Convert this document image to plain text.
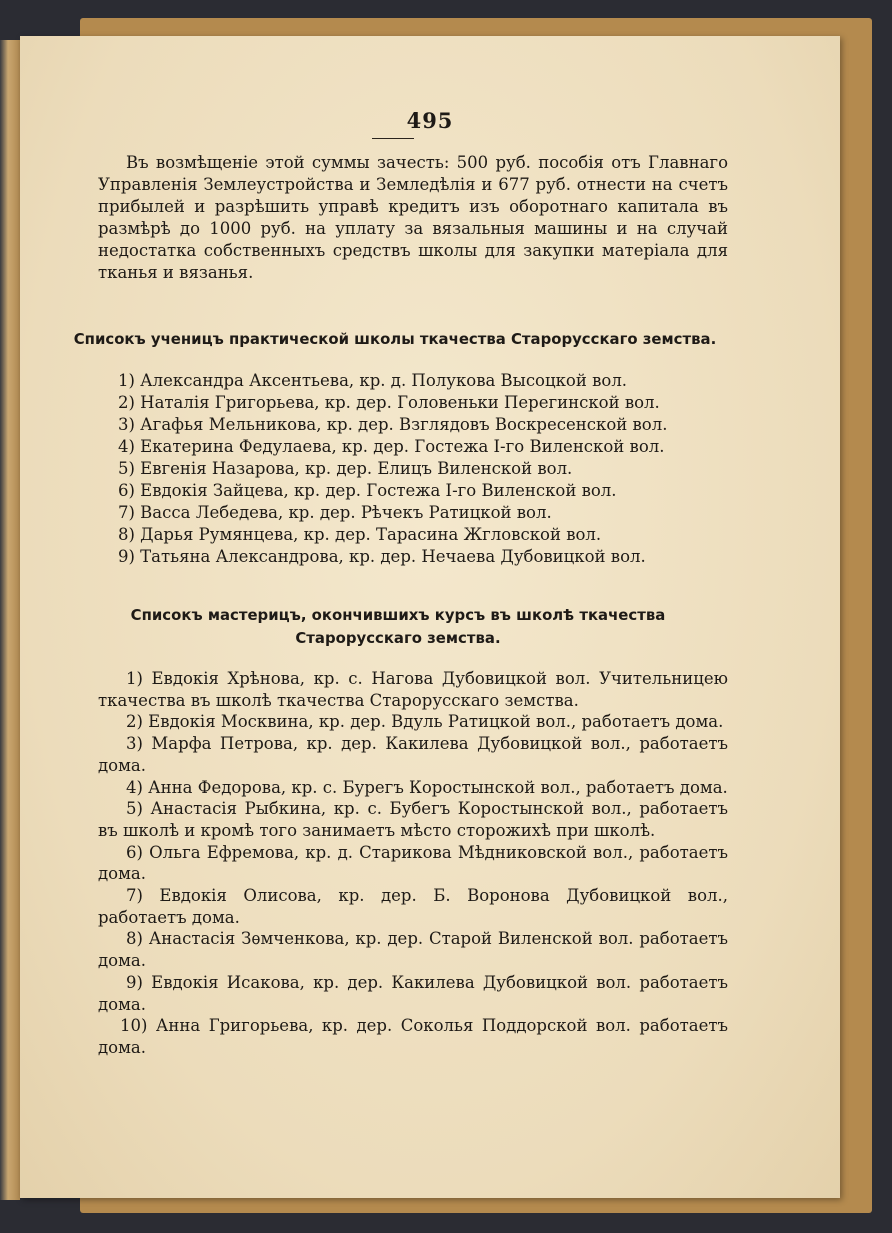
495
Въ возмѣщеніе этой суммы зачесть: 500 руб. пособія отъ Главнаго Управленія Землеустройства и Земледѣлія и 677 руб. отнести на счетъ прибылей и разрѣшить управѣ кредитъ изъ оборотнаго капитала въ размѣрѣ до 1000 руб. на уплату за вязальныя машины и на случай недостатка собственныхъ средствъ школы для закупки матеріала для тканья и вязанья.
Списокъ ученицъ практической школы ткачества Старорусскаго земства.
1) Александра Аксентьева, кр. д. Полукова Высоцкой вол.
2) Наталія Григорьева, кр. дер. Головеньки Перегинской вол.
3) Агафья Мельникова, кр. дер. Взглядовъ Воскресенской вол.
4) Екатерина Федулаева, кр. дер. Гостежа І-го Виленской вол.
5) Евгенія Назарова, кр. дер. Елицъ Виленской вол.
6) Евдокія Зайцева, кр. дер. Гостежа І-го Виленской вол.
7) Васса Лебедева, кр. дер. Рѣчекъ Ратицкой вол.
8) Дарья Румянцева, кр. дер. Тарасина Жгловской вол.
9) Татьяна Александрова, кр. дер. Нечаева Дубовицкой вол.
Списокъ мастерицъ, окончившихъ курсъ въ школѣ ткачества Старорусскаго земства.
1) Евдокія Хрѣнова, кр. с. Нагова Дубовицкой вол. Учительницею ткачества въ школѣ ткачества Старорусскаго земства.
2) Евдокія Москвина, кр. дер. Вдуль Ратицкой вол., работаетъ дома.
3) Марфа Петрова, кр. дер. Какилева Дубовицкой вол., работаетъ дома.
4) Анна Федорова, кр. с. Бурегъ Коростынской вол., работаетъ дома.
5) Анастасія Рыбкина, кр. с. Бубегъ Коростынской вол., работаетъ въ школѣ и кромѣ того занимаетъ мѣсто сторожихѣ при школѣ.
6) Ольга Ефремова, кр. д. Старикова Мѣдниковской вол., работаетъ дома.
7) Евдокія Олисова, кр. дер. Б. Воронова Дубовицкой вол., работаетъ дома.
8) Анастасія Зѳмченкова, кр. дер. Старой Виленской вол. работаетъ дома.
9) Евдокія Исакова, кр. дер. Какилева Дубовицкой вол. работаетъ дома.
10) Анна Григорьева, кр. дер. Соколья Поддорской вол. работаетъ дома.
